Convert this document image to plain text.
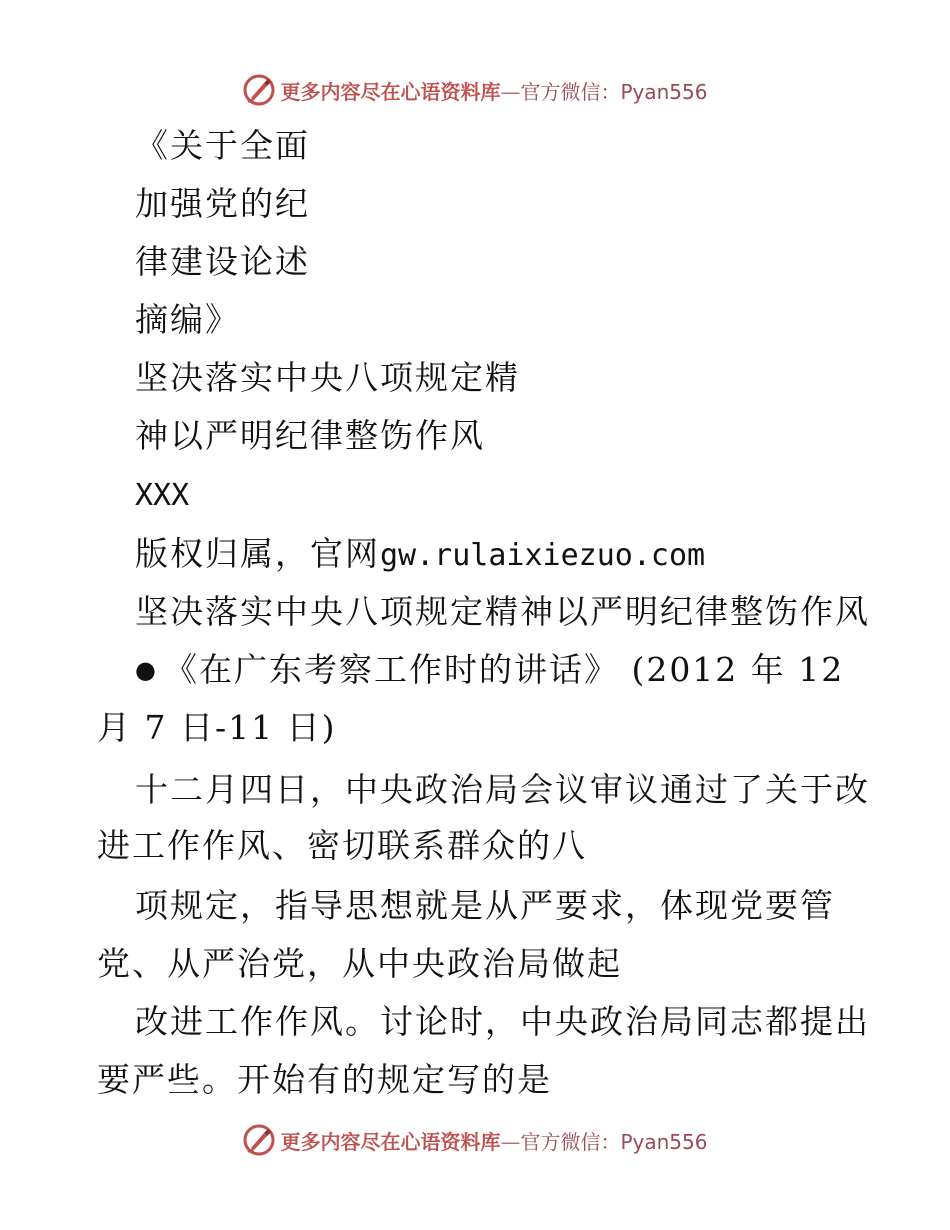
更多内容尽在心语资料库—官方微信：Pyan556
《关于全面
加强党的纪
律建设论述
摘编》
坚决落实中央八项规定精
神以严明纪律整饬作风
XXX
版权归属，官网gw.rulaixiezuo.com
坚决落实中央八项规定精神以严明纪律整饬作风
● 《在广东考察工作时的讲话》 (2012 年 12
月 7 日-11 日)
十二月四日，中央政治局会议审议通过了关于改
进工作作风、密切联系群众的八
项规定，指导思想就是从严要求，体现党要管
党、从严治党，从中央政治局做起
改进工作作风。讨论时，中央政治局同志都提出
要严些。开始有的规定写的是
更多内容尽在心语资料库—官方微信：Pyan556
